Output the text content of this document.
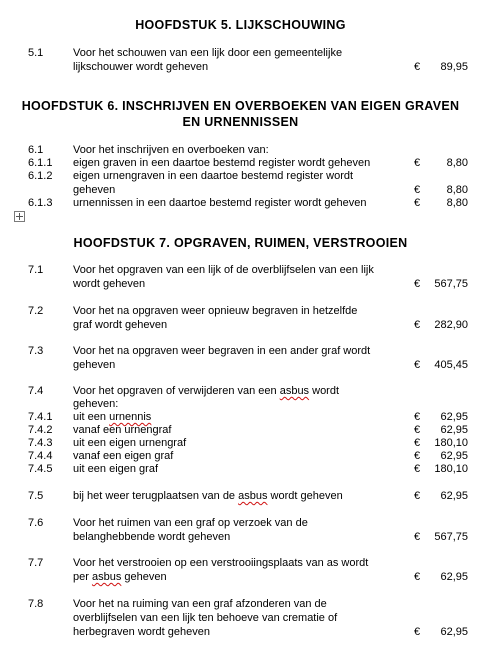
HOOFDSTUK 5. LIJKSCHOUWING
5.1	Voor het schouwen van een lijk door een gemeentelijke
lijkschouwer wordt geheven	€ 89,95
HOOFDSTUK 6. INSCHRIJVEN EN OVERBOEKEN VAN EIGEN GRAVEN
EN URNENNISSEN
6.1	Voor het inschrijven en overboeken van:
6.1.1 eigen graven in een daartoe bestemd register wordt geheven	€ 8,80
6.1.2 eigen urnengraven in een daartoe bestemd register wordt
geheven	€ 8,80
6.1.3 urnennissen in een daartoe bestemd register wordt geheven	€ 8,80
HOOFDSTUK 7. OPGRAVEN, RUIMEN, VERSTROOIEN
7.1	Voor het opgraven van een lijk of de overblijfselen van een lijk
wordt geheven	€ 567,75
7.2	Voor het na opgraven weer opnieuw begraven in hetzelfde
graf wordt geheven	€ 282,90
7.3	Voor het na opgraven weer begraven in een ander graf wordt
geheven	€ 405,45
7.4	Voor het opgraven of verwijderen van een asbus wordt
geheven:
7.4.1 uit een urnennis	€ 62,95
7.4.2 vanaf een urnengraf	€ 62,95
7.4.3 uit een eigen urnengraf	€ 180,10
7.4.4 vanaf een eigen graf	€ 62,95
7.4.5 uit een eigen graf	€ 180,10
7.5	bij het weer terugplaatsen van de asbus wordt geheven	€ 62,95
7.6	Voor het ruimen van een graf op verzoek van de
belanghebbende wordt geheven	€ 567,75
7.7	Voor het verstrooien op een verstrooiingsplaats van as wordt
per asbus geheven	€ 62,95
7.8	Voor het na ruiming van een graf afzonderen van de
overblijfselen van een lijk ten behoeve van crematie of
herbegraven wordt geheven	€ 62,95
